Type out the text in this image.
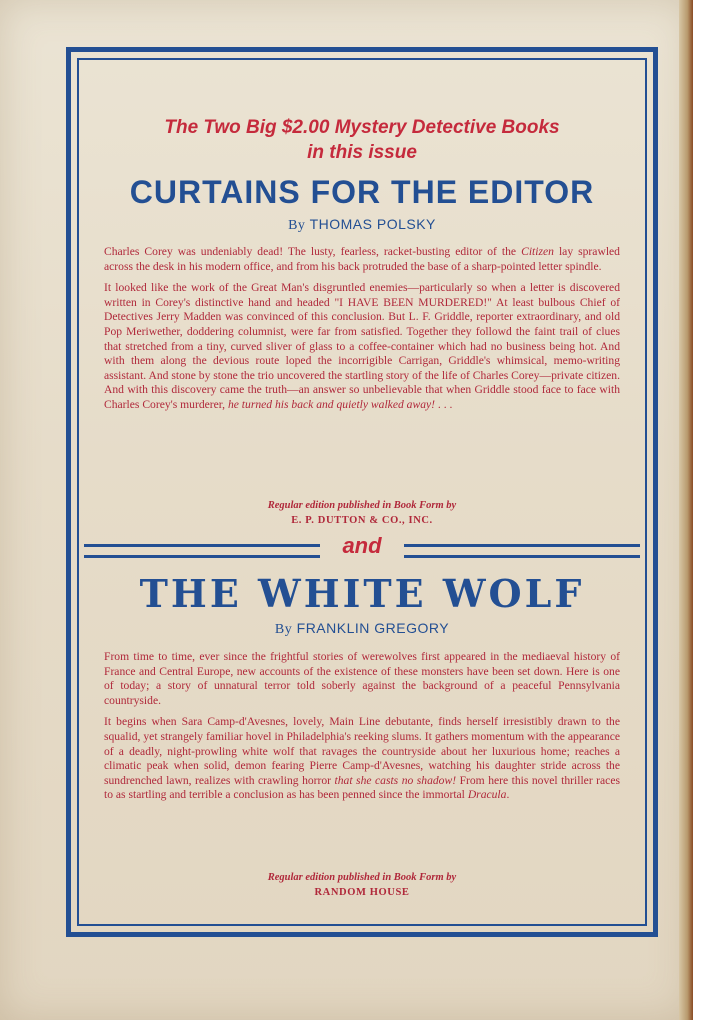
The Two Big $2.00 Mystery Detective Books

in this issue

CURTAINS FOR THE EDITOR

By THOMAS POLSKY

Charles Corey was undeniably dead! The lusty, fearless, racket-busting editor of the Citizen lay sprawled across the desk in his modern office, and from his back protruded the base of a sharp-pointed letter spindle.

It looked like the work of the Great Man's disgruntled enemies—particularly so when a letter is discovered written in Corey's distinctive hand and headed "I HAVE BEEN MURDERED!" At least bulbous Chief of Detectives Jerry Madden was convinced of this conclusion. But L. F. Griddle, reporter extraordinary, and old Pop Meriwether, doddering columnist, were far from satisfied. Together they followd the faint trail of clues that stretched from a tiny, curved sliver of glass to a coffee-container which had no business being hot. And with them along the devious route loped the incorrigible Carrigan, Griddle's whimsical, memo-writing assistant. And stone by stone the trio uncovered the startling story of the life of Charles Corey—private citizen. And with this discovery came the truth—an answer so unbelievable that when Griddle stood face to face with Charles Corey's murderer, he turned his back and quietly walked away! . . .

Regular edition published in Book Form by
E. P. DUTTON & CO., INC.

and

THE WHITE WOLF

By FRANKLIN GREGORY

From time to time, ever since the frightful stories of werewolves first appeared in the mediaeval history of France and Central Europe, new accounts of the existence of these monsters have been set down. Here is one of today; a story of unnatural terror told soberly against the background of a peaceful Pennsylvania countryside.

It begins when Sara Camp-d'Avesnes, lovely, Main Line debutante, finds herself irresistibly drawn to the squalid, yet strangely familiar hovel in Philadelphia's reeking slums. It gathers momentum with the appearance of a deadly, night-prowling white wolf that ravages the countryside about her luxurious home; reaches a climatic peak when solid, demon fearing Pierre Camp-d'Avesnes, watching his daughter stride across the sundrenched lawn, realizes with crawling horror that she casts no shadow! From here this novel thriller races to as startling and terrible a conclusion as has been penned since the immortal Dracula.

Regular edition published in Book Form by
RANDOM HOUSE
